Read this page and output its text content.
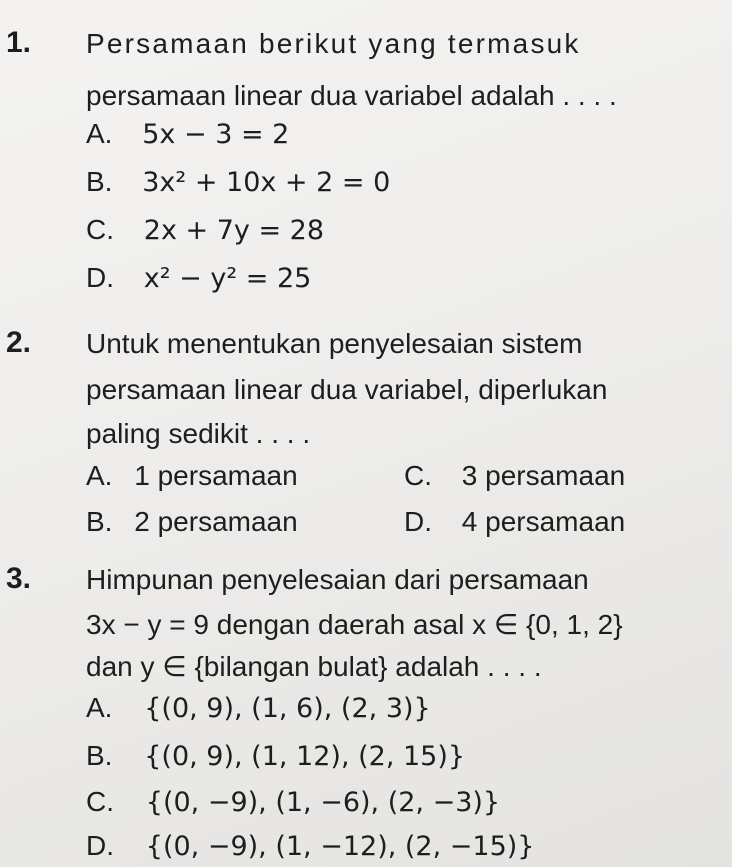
1. Persamaan berikut yang termasuk
persamaan linear dua variabel adalah . . . .
A. 5x − 3 = 2
B. 3x² + 10x + 2 = 0
C. 2x + 7y = 28
D. x² − y² = 25
2. Untuk menentukan penyelesaian sistem
persamaan linear dua variabel, diperlukan
paling sedikit . . . .
A. 1 persamaan
B. 2 persamaan
C. 3 persamaan
D. 4 persamaan
3. Himpunan penyelesaian dari persamaan
3x − y = 9 dengan daerah asal x ∈ {0, 1, 2}
dan y ∈ {bilangan bulat} adalah . . . .
A. {(0, 9), (1, 6), (2, 3)}
B. {(0, 9), (1, 12), (2, 15)}
C. {(0, −9), (1, −6), (2, −3)}
D. {(0, −9), (1, −12), (2, −15)}
